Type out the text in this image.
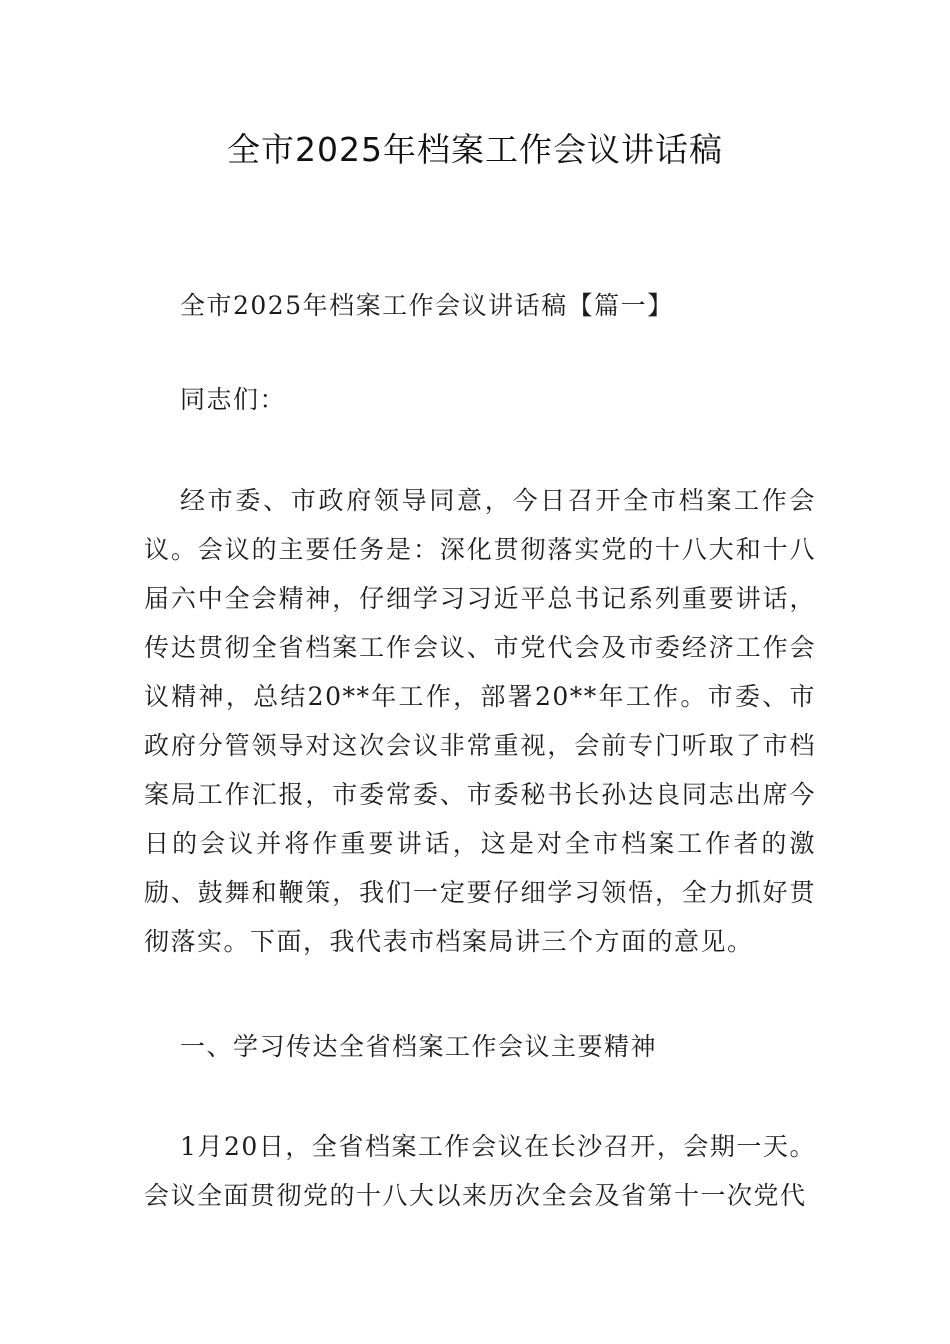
全市2025年档案工作会议讲话稿

全市2025年档案工作会议讲话稿【篇一】

同志们：

经市委、市政府领导同意，今日召开全市档案工作会议。会议的主要任务是：深化贯彻落实党的十八大和十八届六中全会精神，仔细学习习近平总书记系列重要讲话，传达贯彻全省档案工作会议、市党代会及市委经济工作会议精神，总结20**年工作，部署20**年工作。市委、市政府分管领导对这次会议非常重视，会前专门听取了市档案局工作汇报，市委常委、市委秘书长孙达良同志出席今日的会议并将作重要讲话，这是对全市档案工作者的激励、鼓舞和鞭策，我们一定要仔细学习领悟，全力抓好贯彻落实。下面，我代表市档案局讲三个方面的意见。

一、学习传达全省档案工作会议主要精神

1月20日，全省档案工作会议在长沙召开，会期一天。会议全面贯彻党的十八大以来历次全会及省第十一次党代
